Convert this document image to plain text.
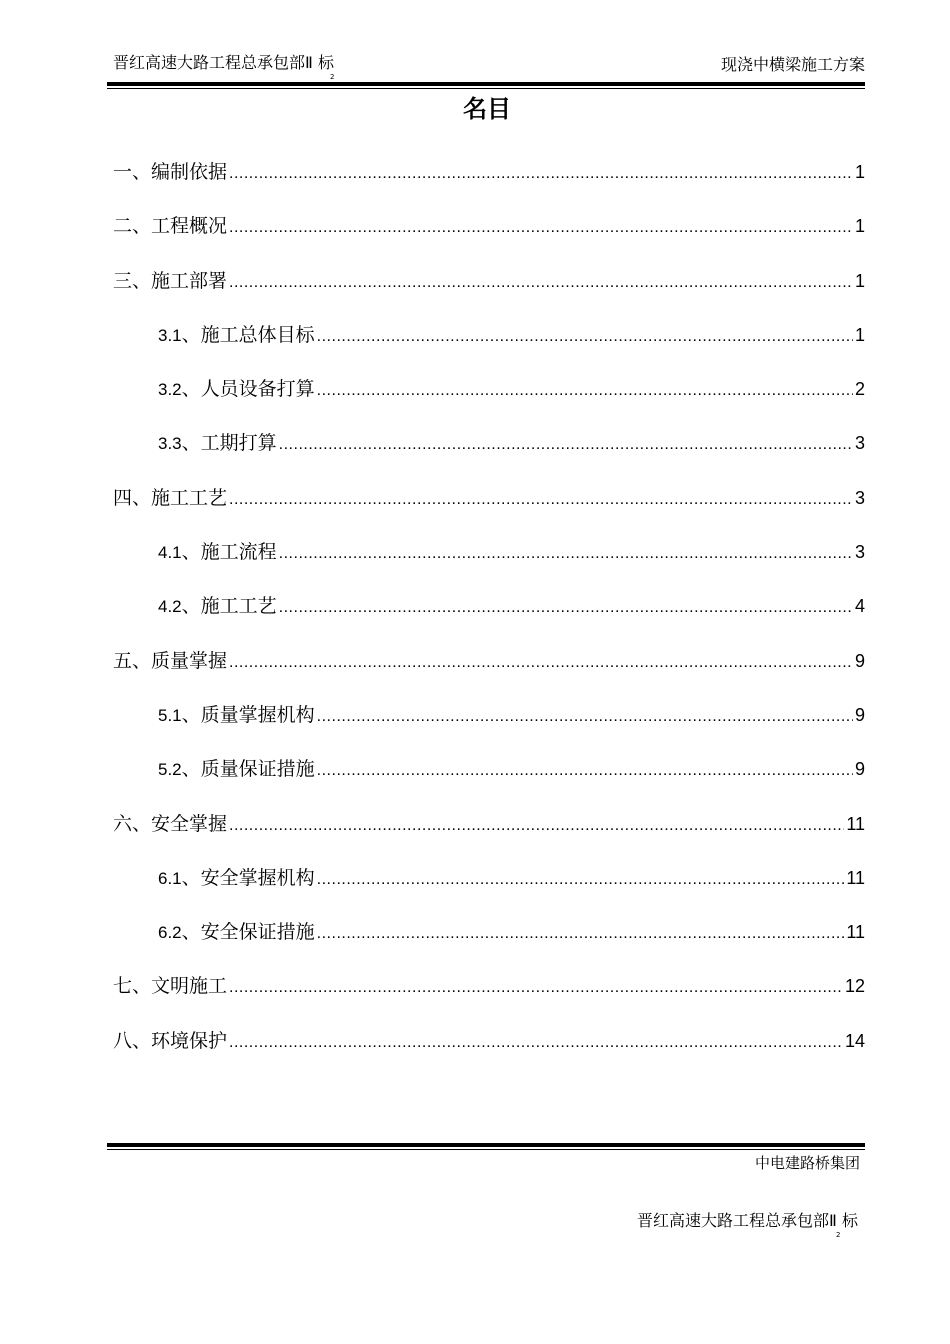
晋红高速大路工程总承包部Ⅱ 标
2
现浇中横梁施工方案
名目
一、编制依据 .....	1
二、工程概况 .....	1
三、施工部署 .....	1
3.1 、施工总体目标 .....	1
3.2 、人员设备打算 .....	2
3.3 、工期打算 .....	3
四、施工工艺 .....	3
4.1 、施工流程 .....	3
4.2 、施工工艺 .....	4
五、质量掌握 .....	9
5.1 、质量掌握机构 .....	9
5.2 、质量保证措施 .....	9
六、安全掌握 .....	11
6.1 、安全掌握机构 .....	11
6.2 、安全保证措施 .....	11
七、文明施工 .....	12
八、环境保护 .....	14
中电建路桥集团
晋红高速大路工程总承包部Ⅱ 标
2
